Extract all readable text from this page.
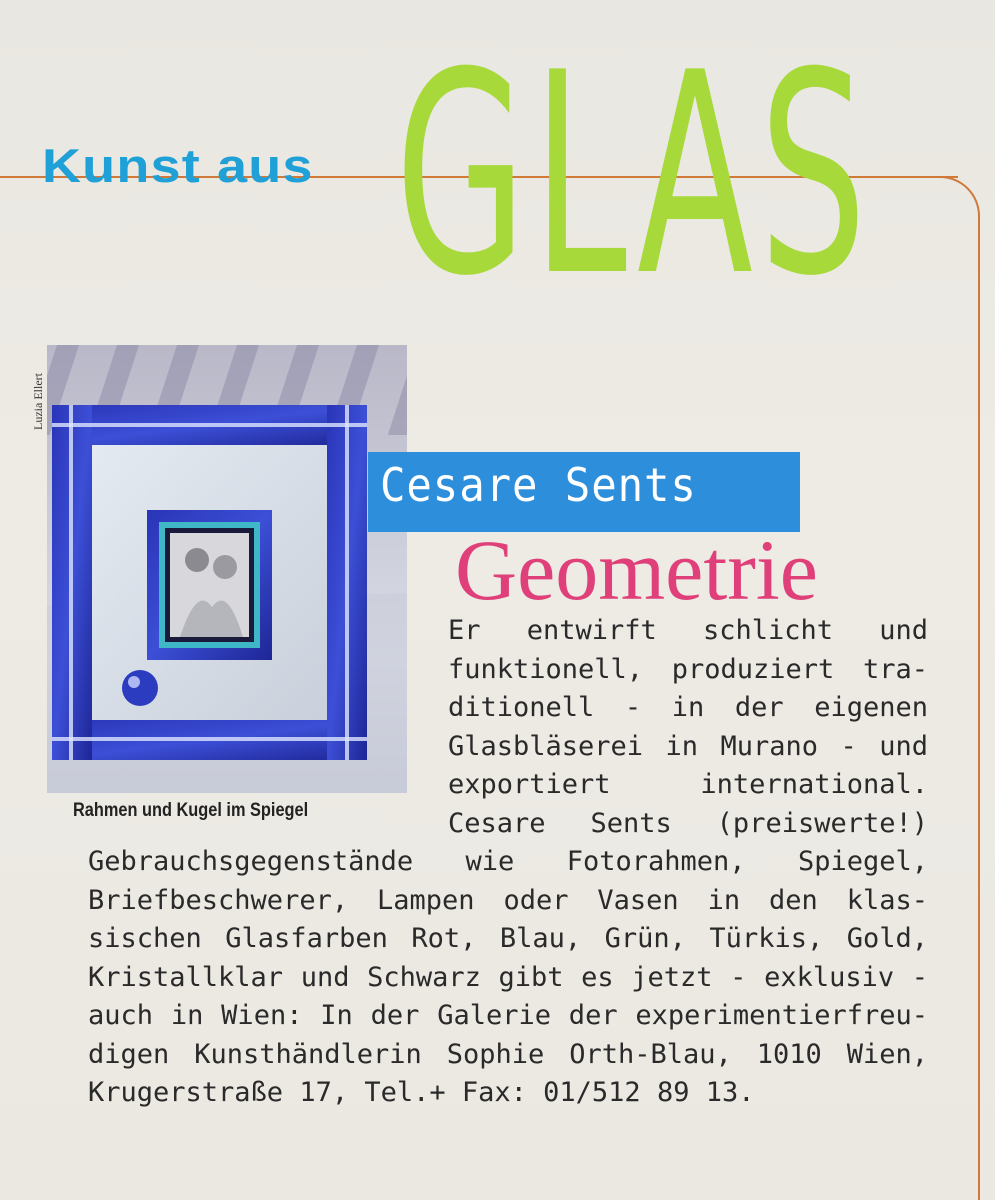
GLAS
Kunst aus
Luzia Ellert
Rahmen und Kugel im Spiegel
Cesare Sents
Geometrie
Er entwirft schlicht und
funktionell, produziert tra-
ditionell - in der eigenen
Glasbläserei in Murano - und
exportiert international.
Cesare Sents (preiswerte!)
Gebrauchsgegenstände wie Fotorahmen, Spiegel,
Briefbeschwerer, Lampen oder Vasen in den klas-
sischen Glasfarben Rot, Blau, Grün, Türkis, Gold,
Kristallklar und Schwarz gibt es jetzt - exklusiv -
auch in Wien: In der Galerie der experimentierfreu-
digen Kunsthändlerin Sophie Orth-Blau, 1010 Wien,
Krugerstraße 17, Tel.+ Fax: 01/512 89 13.
